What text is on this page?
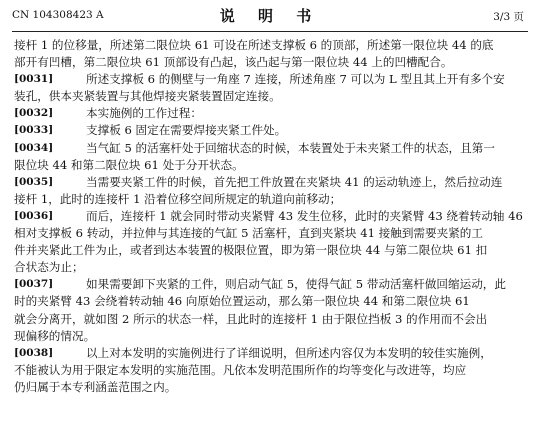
CN 104308423 A	说 明 书	3/3 页
接杆 1 的位移量，所述第二限位块 61 可设在所述支撑板 6 的顶部，所述第一限位块 44 的底
部开有凹槽，第二限位块 61 顶部设有凸起，该凸起与第一限位块 44 上的凹槽配合。
[0031]	所述支撑板 6 的侧壁与一角座 7 连接，所述角座 7 可以为 L 型且其上开有多个安
装孔，供本夹紧装置与其他焊接夹紧装置固定连接。
[0032]	本实施例的工作过程：
[0033]	支撑板 6 固定在需要焊接夹紧工件处。
[0034]	当气缸 5 的活塞杆处于回缩状态的时候，本装置处于未夹紧工件的状态，且第一
限位块 44 和第二限位块 61 处于分开状态。
[0035]	当需要夹紧工件的时候，首先把工件放置在夹紧块 41 的运动轨迹上，然后拉动连
接杆 1，此时的连接杆 1 沿着位移空间所规定的轨道向前移动；
[0036]	而后，连接杆 1 就会同时带动夹紧臂 43 发生位移，此时的夹紧臂 43 绕着转动轴 46
相对支撑板 6 转动，并拉伸与其连接的气缸 5 活塞杆，直到夹紧块 41 接触到需要夹紧的工
件并夹紧此工件为止，或者到达本装置的极限位置，即为第一限位块 44 与第二限位块 61 扣
合状态为止；
[0037]	如果需要卸下夹紧的工件，则启动气缸 5，使得气缸 5 带动活塞杆做回缩运动，此
时的夹紧臂 43 会绕着转动轴 46 向原始位置运动，那么第一限位块 44 和第二限位块 61
就会分离开，就如图 2 所示的状态一样，且此时的连接杆 1 由于限位挡板 3 的作用而不会出
现偏移的情况。
[0038]	以上对本发明的实施例进行了详细说明，但所述内容仅为本发明的较佳实施例，
不能被认为用于限定本发明的实施范围。凡依本发明范围所作的均等变化与改进等，均应
仍归属于本专利涵盖范围之内。
